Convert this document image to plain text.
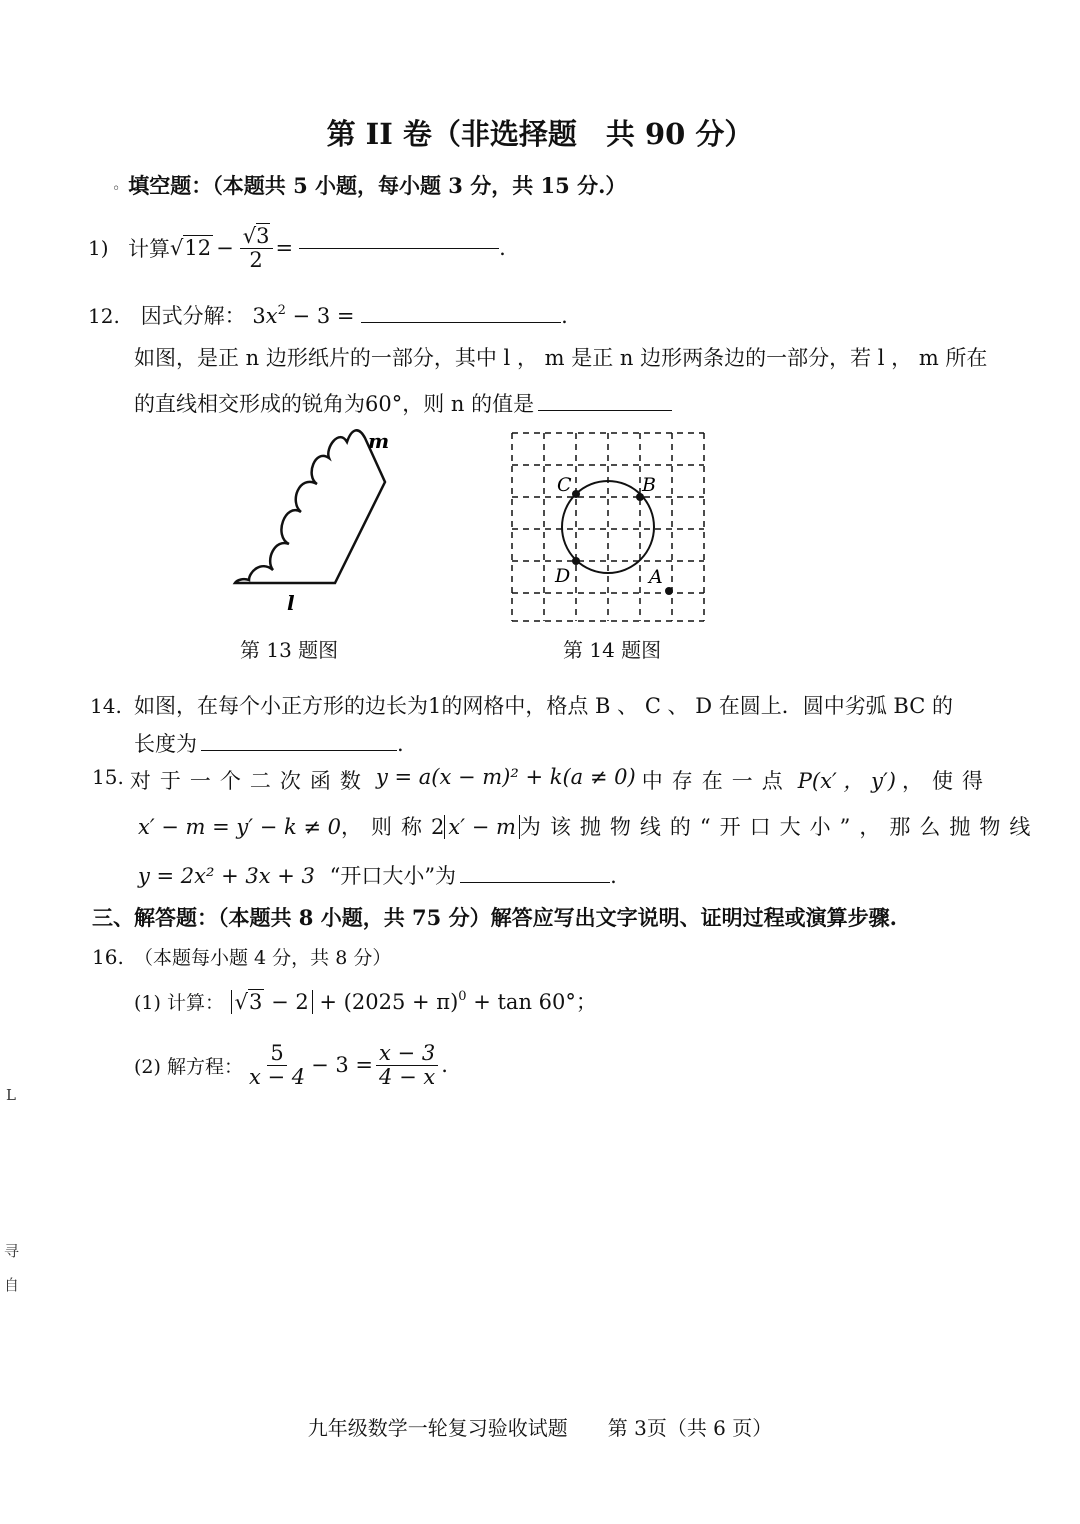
第 II 卷（非选择题　共 90 分）
◦ 填空题：（本题共 5 小题，每小题 3 分，共 15 分.）
1) 计算 $√12 - \frac{√3}{2}$ =	.
12. 因式分解： $3x^2 - 3$ =	.
如图，是正 n 边形纸片的一部分，其中 l ， m 是正 n 边形两条边的一部分，若 l ， m 所在
的直线相交形成的锐角为60°，则 n 的值是
m
l
第 13 题图
C	B
D	A
第 14 题图
14. 如图，在每个小正方形的边长为1的网格中，格点 B 、 C 、 D 在圆上．圆中劣弧 BC 的
长度为	.
15. 对于一个二次函数 y = a(x − m)² + k(a ≠ 0) 中存在一点 P(x′ ， y′) ，使得
x′ − m = y′ − k ≠ 0 ，则称 2 x′ − m 为该抛物线的“开口大小”，那么抛物线
y = 2x² + 3x + 3 “开口大小”为	.
三、解答题：（本题共 8 小题，共 75 分）解答应写出文字说明、证明过程或演算步骤.
16. （本题每小题 4 分，共 8 分）
(1) 计算： $√3 - 2 + (2025 + \pi)^0 + \tan 60^\circ$；
(2) 解方程： $\frac{5}{x - 4} - 3 = \frac{x - 3}{4 - x}$ .
L
寻
自
九年级数学一轮复习验收试题　　第 3页（共 6 页）
